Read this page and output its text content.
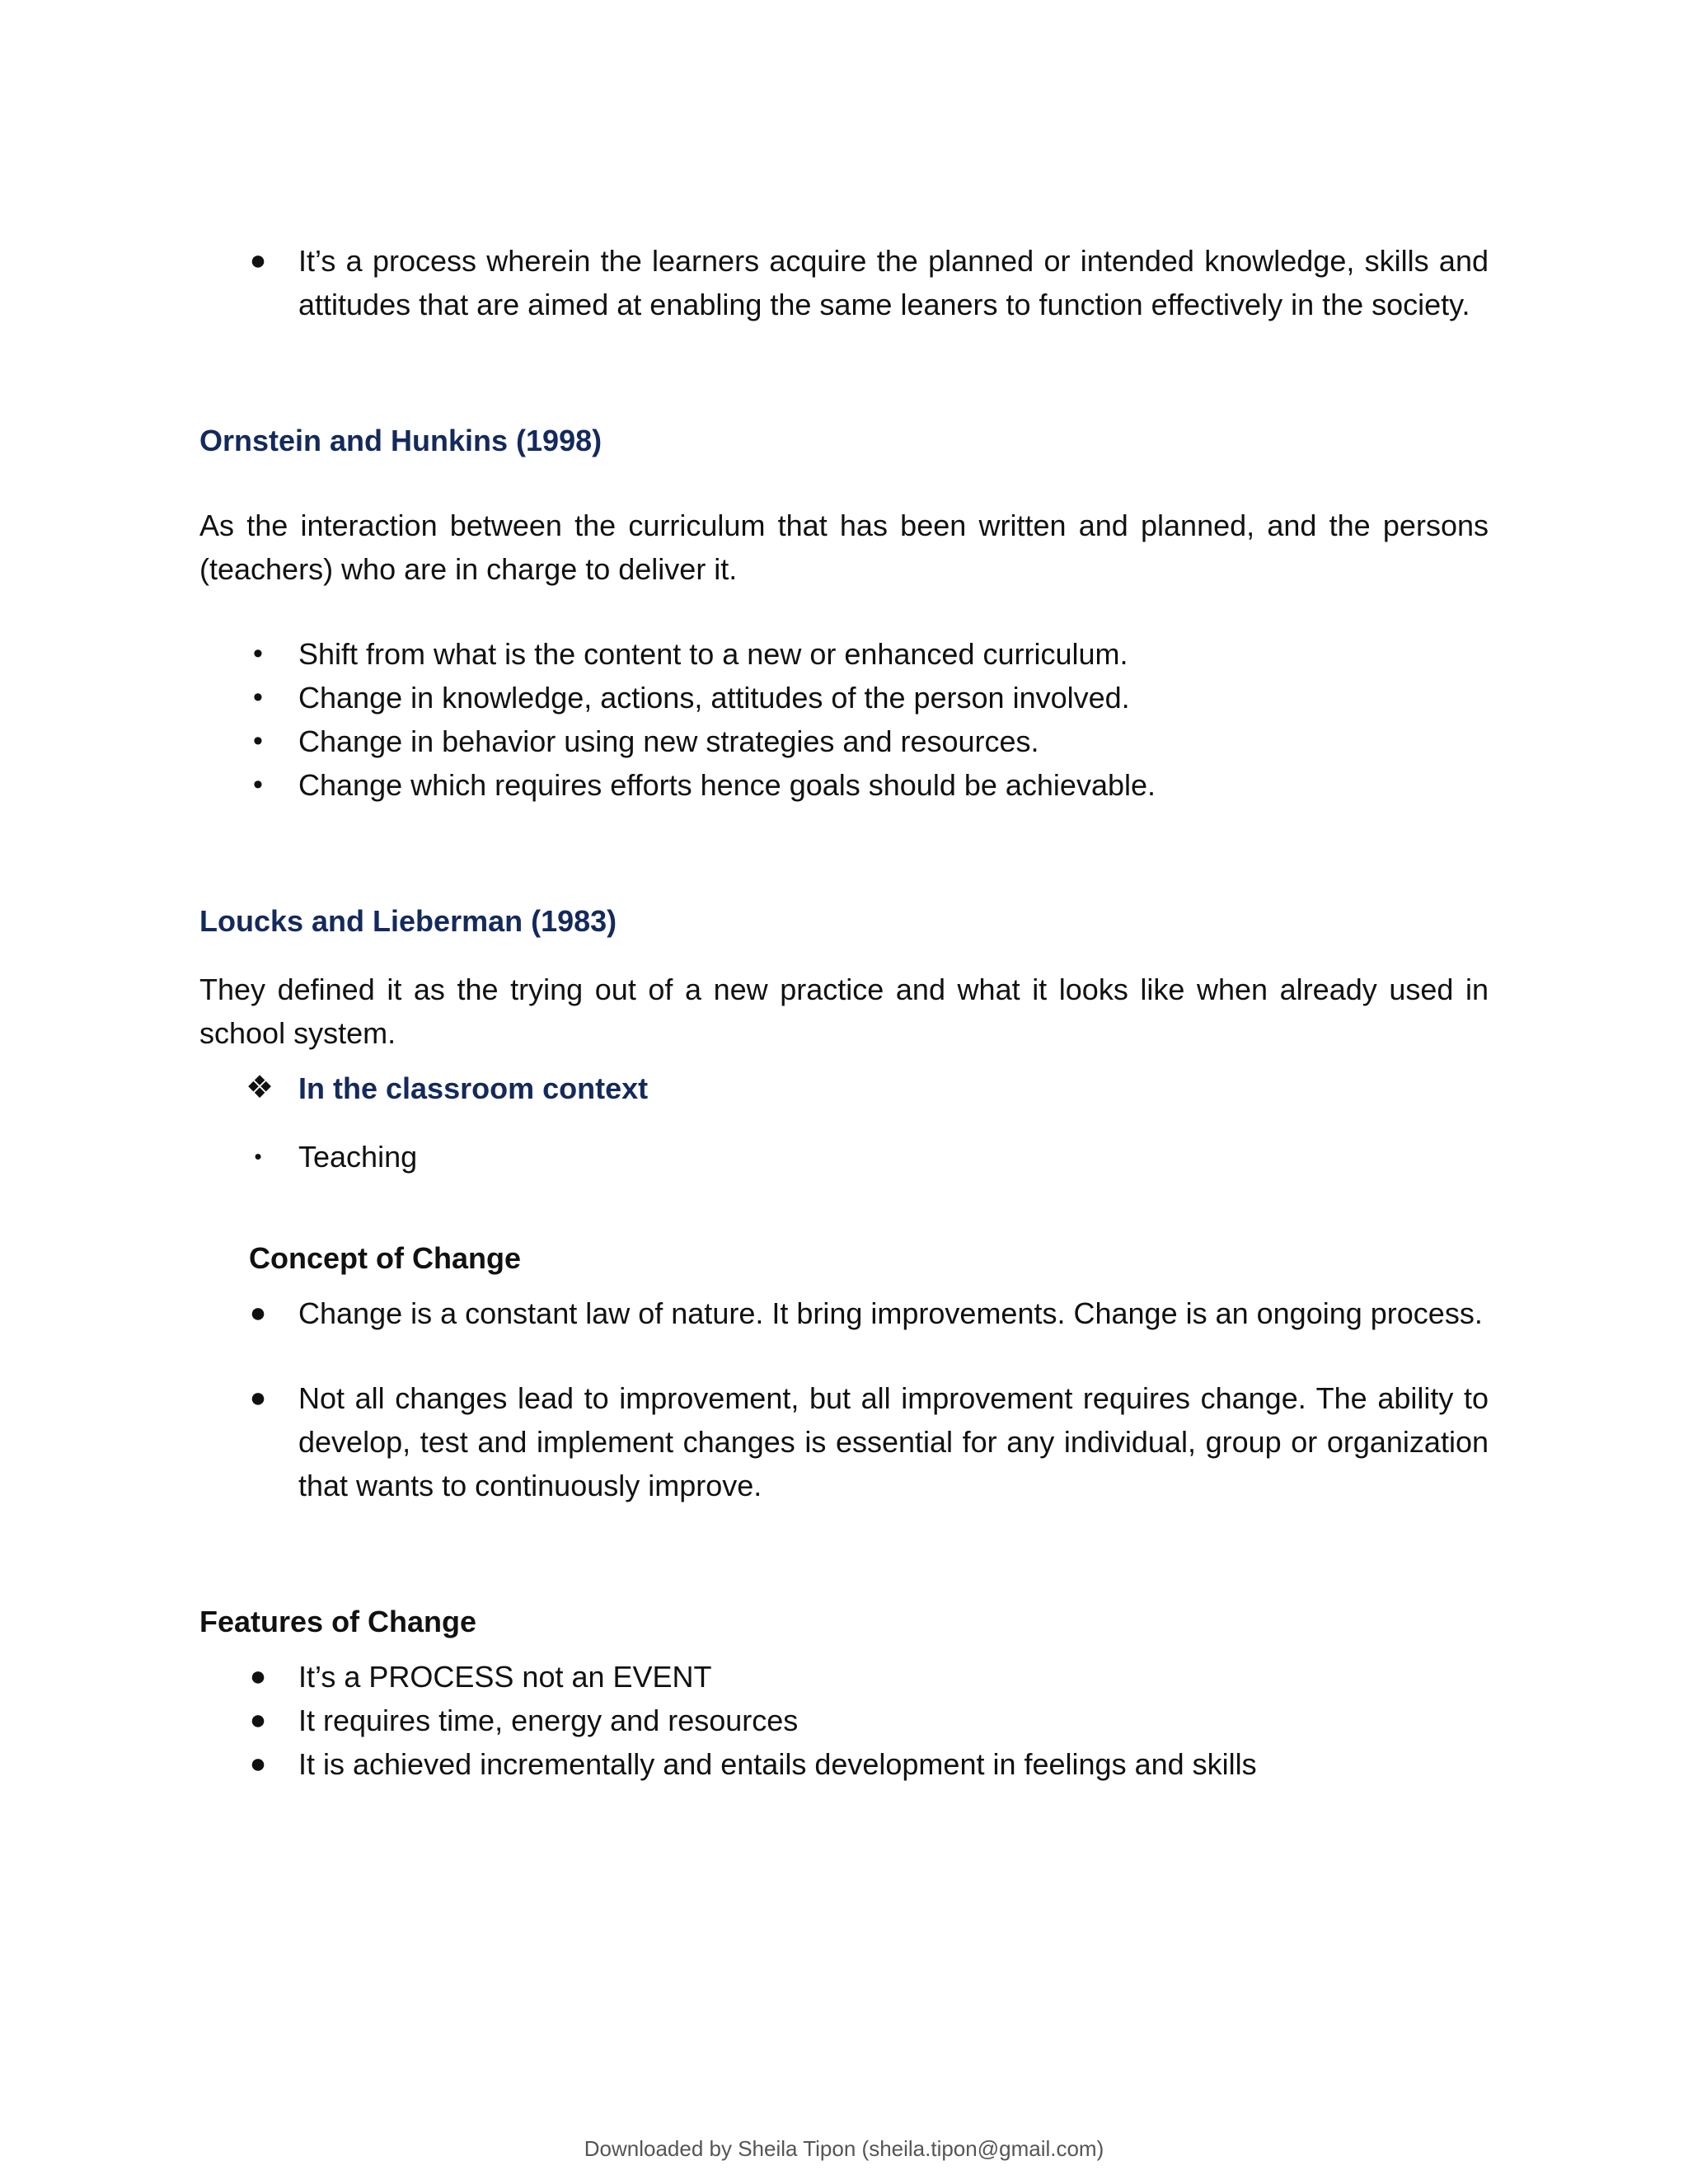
● It’s a process wherein the learners acquire the planned or intended knowledge, skills and attitudes that are aimed at enabling the same leaners to function effectively in the society.
Ornstein and Hunkins (1998)
As the interaction between the curriculum that has been written and planned, and the persons (teachers) who are in charge to deliver it.
• Shift from what is the content to a new or enhanced curriculum.
• Change in knowledge, actions, attitudes of the person involved.
• Change in behavior using new strategies and resources.
• Change which requires efforts hence goals should be achievable.
Loucks and Lieberman (1983)
They defined it as the trying out of a new practice and what it looks like when already used in school system.
❖ In the classroom context
• Teaching
Concept of Change
● Change is a constant law of nature. It bring improvements. Change is an ongoing process.
● Not all changes lead to improvement, but all improvement requires change. The ability to develop, test and implement changes is essential for any individual, group or organization that wants to continuously improve.
Features of Change
● It’s a PROCESS not an EVENT
● It requires time, energy and resources
● It is achieved incrementally and entails development in feelings and skills
Downloaded by Sheila Tipon (sheila.tipon@gmail.com)
